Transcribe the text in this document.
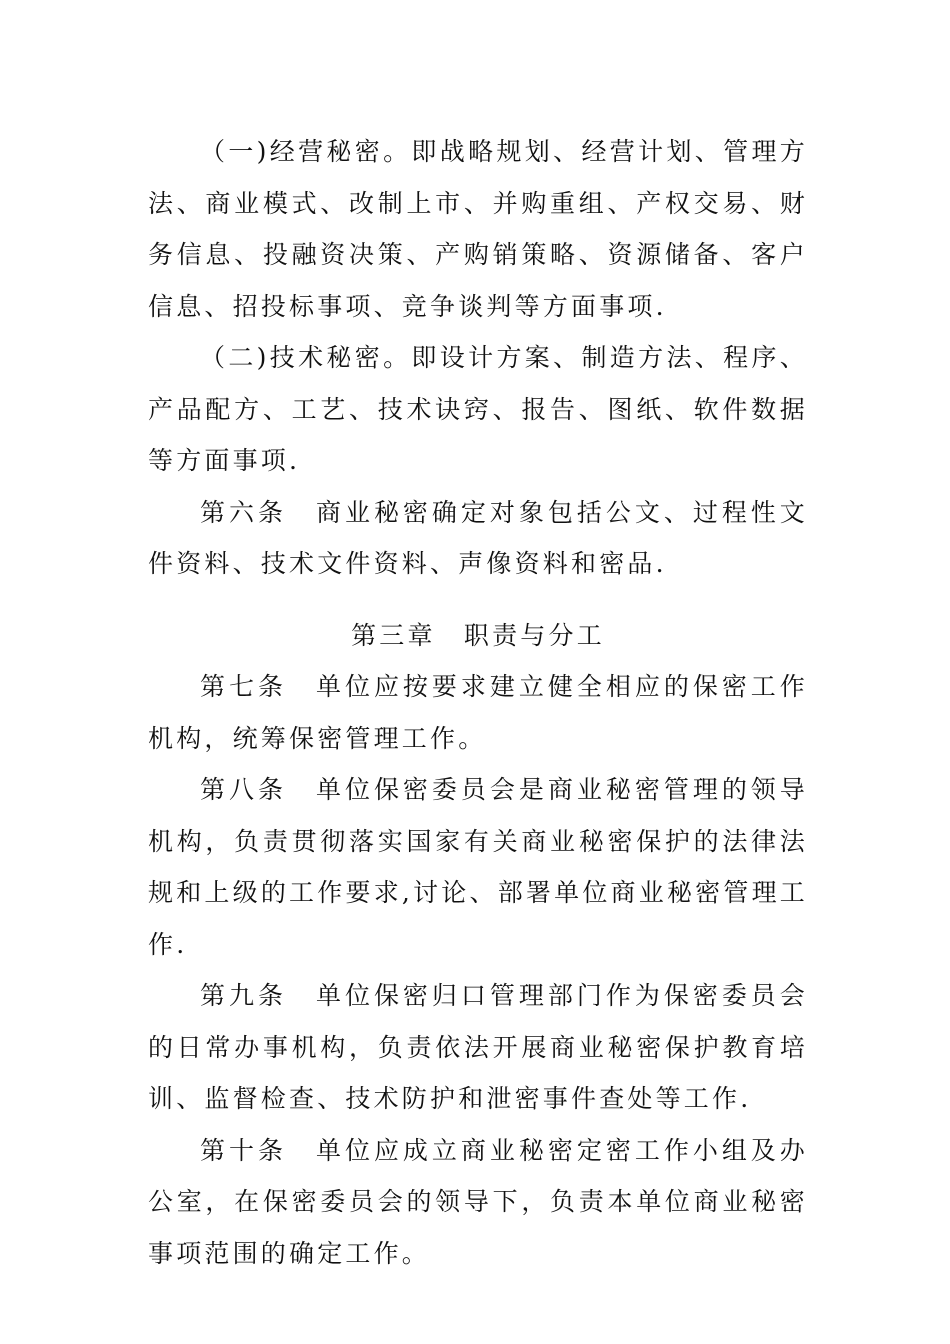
（一)经营秘密。即战略规划、经营计划、管理方法、商业模式、改制上市、并购重组、产权交易、财务信息、投融资决策、产购销策略、资源储备、客户信息、招投标事项、竞争谈判等方面事项.

（二)技术秘密。即设计方案、制造方法、程序、产品配方、工艺、技术诀窍、报告、图纸、软件数据等方面事项.

第六条　商业秘密确定对象包括公文、过程性文件资料、技术文件资料、声像资料和密品.

第三章　职责与分工

第七条　单位应按要求建立健全相应的保密工作机构，统筹保密管理工作。

第八条　单位保密委员会是商业秘密管理的领导机构，负责贯彻落实国家有关商业秘密保护的法律法规和上级的工作要求,讨论、部署单位商业秘密管理工作.

第九条　单位保密归口管理部门作为保密委员会的日常办事机构，负责依法开展商业秘密保护教育培训、监督检查、技术防护和泄密事件查处等工作.

第十条　单位应成立商业秘密定密工作小组及办公室，在保密委员会的领导下，负责本单位商业秘密事项范围的确定工作。
